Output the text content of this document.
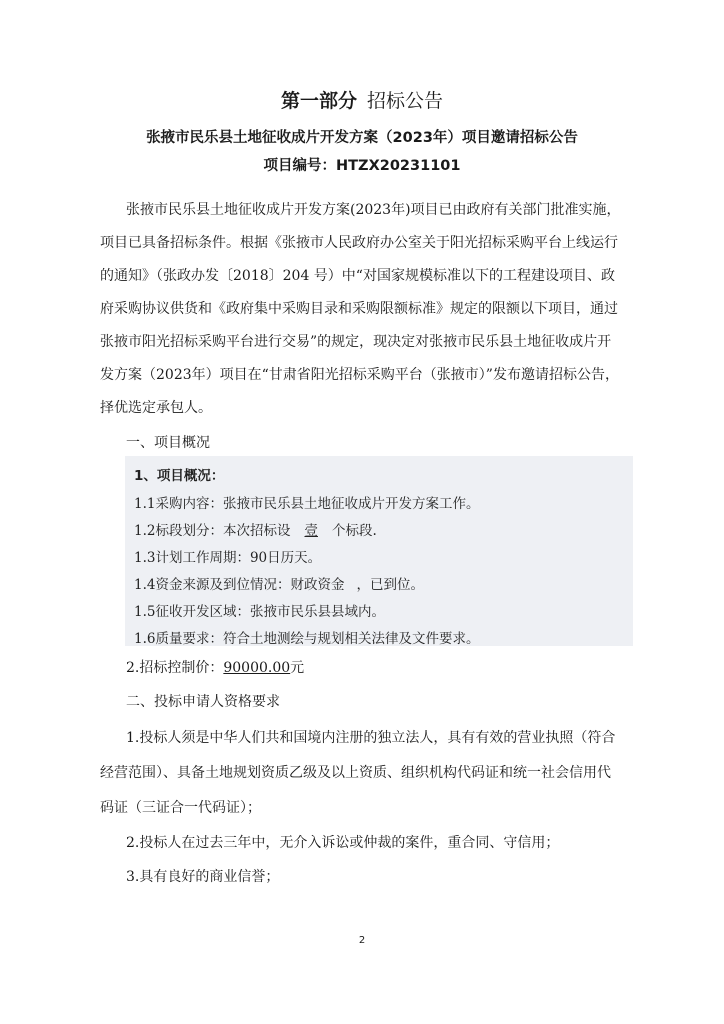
第一部分 招标公告
张掖市民乐县土地征收成片开发方案（2023年）项目邀请招标公告
项目编号：HTZX20231101
张掖市民乐县土地征收成片开发方案(2023年)项目已由政府有关部门批准实施，
项目已具备招标条件。根据《张掖市人民政府办公室关于阳光招标采购平台上线运行
的通知》（张政办发〔2018〕204 号）中“对国家规模标准以下的工程建设项目、政
府采购协议供货和《政府集中采购目录和采购限额标准》规定的限额以下项目，通过
张掖市阳光招标采购平台进行交易”的规定，现决定对张掖市民乐县土地征收成片开
发方案（2023年）项目在“甘肃省阳光招标采购平台（张掖市）”发布邀请招标公告，
择优选定承包人。
一、项目概况
1、项目概况：
1.1采购内容：张掖市民乐县土地征收成片开发方案工作。
1.2标段划分：本次招标设 壹 个标段.
1.3计划工作周期：90日历天。
1.4资金来源及到位情况：财政资金 ，已到位。
1.5征收开发区域：张掖市民乐县县域内。
1.6质量要求：符合土地测绘与规划相关法律及文件要求。
2.招标控制价：90000.00元
二、投标申请人资格要求
1.投标人须是中华人们共和国境内注册的独立法人，具有有效的营业执照（符合
经营范围）、具备土地规划资质乙级及以上资质、组织机构代码证和统一社会信用代
码证（三证合一代码证）；
2.投标人在过去三年中，无介入诉讼或仲裁的案件，重合同、守信用；
3.具有良好的商业信誉；
2
